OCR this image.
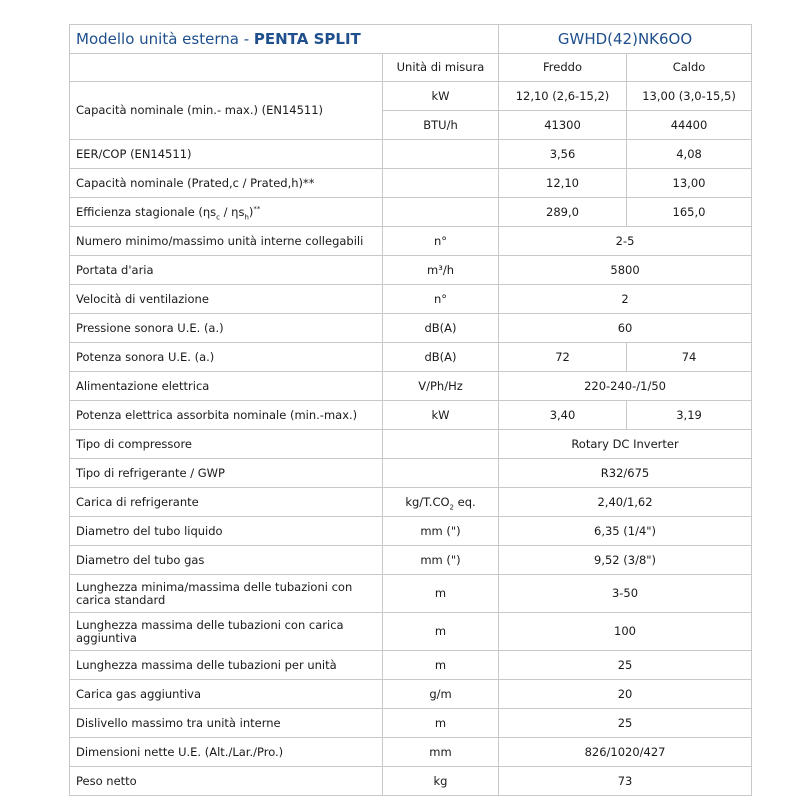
Modello unità esterna - PENTA SPLIT		GWHD(42)NK6OO	
	Unità di misura	Freddo	Caldo
Capacità nominale (min.- max.) (EN14511)	kW	12,10 (2,6-15,2)	13,00 (3,0-15,5)
	BTU/h	41300	44400
EER/COP (EN14511)		3,56	4,08
Capacità nominale (Prated,c / Prated,h)**		12,10	13,00
Efficienza stagionale $(\eta s_c / \eta s_h)^{**}$		289,0	165,0
Numero minimo/massimo unità interne collegabili	n°	2-5	
Portata d'aria	m³/h	5800	
Velocità di ventilazione	n°	2	
Pressione sonora U.E. (a.)	dB(A)	60	
Potenza sonora U.E. (a.)	dB(A)	72	74
Alimentazione elettrica	V/Ph/Hz	220-240-/1/50	
Potenza elettrica assorbita nominale (min.-max.)	kW	3,40	3,19
Tipo di compressore		Rotary DC Inverter	
Tipo di refrigerante / GWP		R32/675	
Carica di refrigerante	$kg/T.CO_2$ eq.	2,40/1,62	
Diametro del tubo liquido	mm (")	6,35 (1/4")	
Diametro del tubo gas	mm (")	9,52 (3/8")	
Lunghezza minima/massima delle tubazioni con carica standard	m	3-50	
Lunghezza massima delle tubazioni con carica aggiuntiva	m	100	
Lunghezza massima delle tubazioni per unità	m	25	
Carica gas aggiuntiva	g/m	20	
Dislivello massimo tra unità interne	m	25	
Dimensioni nette U.E. (Alt./Lar./Pro.)	mm	826/1020/427	
Peso netto	kg	73	
